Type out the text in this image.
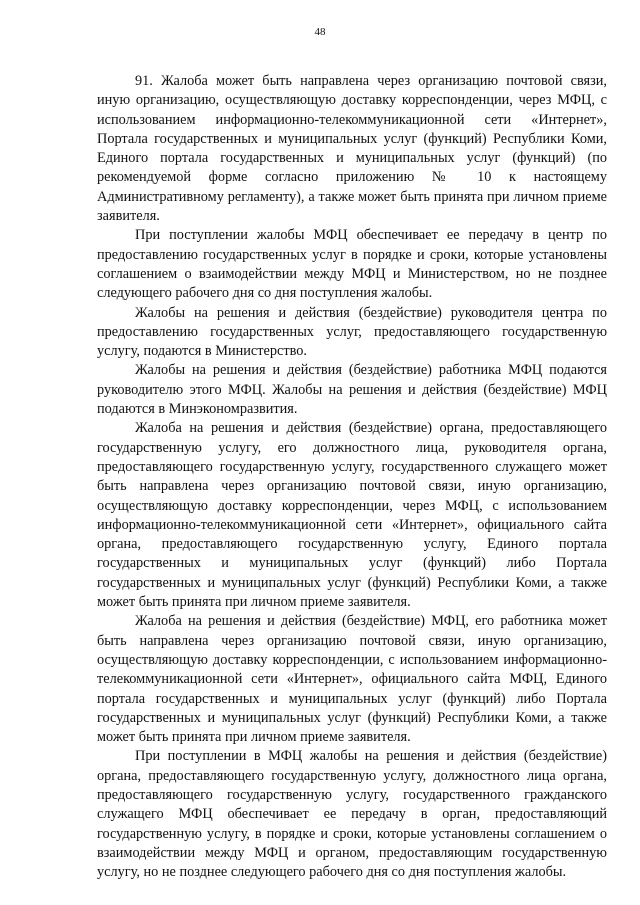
48

91. Жалоба может быть направлена через организацию почтовой связи, иную организацию, осуществляющую доставку корреспонденции, через МФЦ, с использованием информационно-телекоммуникационной сети «Интернет», Портала государственных и муниципальных услуг (функций) Республики Коми, Единого портала государственных и муниципальных услуг (функций) (по рекомендуемой форме согласно приложению № 10 к настоящему Административному регламенту), а также может быть принята при личном приеме заявителя.

При поступлении жалобы МФЦ обеспечивает ее передачу в центр по предоставлению государственных услуг в порядке и сроки, которые установлены соглашением о взаимодействии между МФЦ и Министерством, но не позднее следующего рабочего дня со дня поступления жалобы.

Жалобы на решения и действия (бездействие) руководителя центра по предоставлению государственных услуг, предоставляющего государственную услугу, подаются в Министерство.

Жалобы на решения и действия (бездействие) работника МФЦ подаются руководителю этого МФЦ. Жалобы на решения и действия (бездействие) МФЦ подаются в Минэкономразвития.

Жалоба на решения и действия (бездействие) органа, предоставляющего государственную услугу, его должностного лица, руководителя органа, предоставляющего государственную услугу, государственного служащего может быть направлена через организацию почтовой связи, иную организацию, осуществляющую доставку корреспонденции, через МФЦ, с использованием информационно-телекоммуникационной сети «Интернет», официального сайта органа, предоставляющего государственную услугу, Единого портала государственных и муниципальных услуг (функций) либо Портала государственных и муниципальных услуг (функций) Республики Коми, а также может быть принята при личном приеме заявителя.

Жалоба на решения и действия (бездействие) МФЦ, его работника может быть направлена через организацию почтовой связи, иную организацию, осуществляющую доставку корреспонденции, с использованием информационно-телекоммуникационной сети «Интернет», официального сайта МФЦ, Единого портала государственных и муниципальных услуг (функций) либо Портала государственных и муниципальных услуг (функций) Республики Коми, а также может быть принята при личном приеме заявителя.

При поступлении в МФЦ жалобы на решения и действия (бездействие) органа, предоставляющего государственную услугу, должностного лица органа, предоставляющего государственную услугу, государственного гражданского служащего МФЦ обеспечивает ее передачу в орган, предоставляющий государственную услугу, в порядке и сроки, которые установлены соглашением о взаимодействии между МФЦ и органом, предоставляющим государственную услугу, но не позднее следующего рабочего дня со дня поступления жалобы.
